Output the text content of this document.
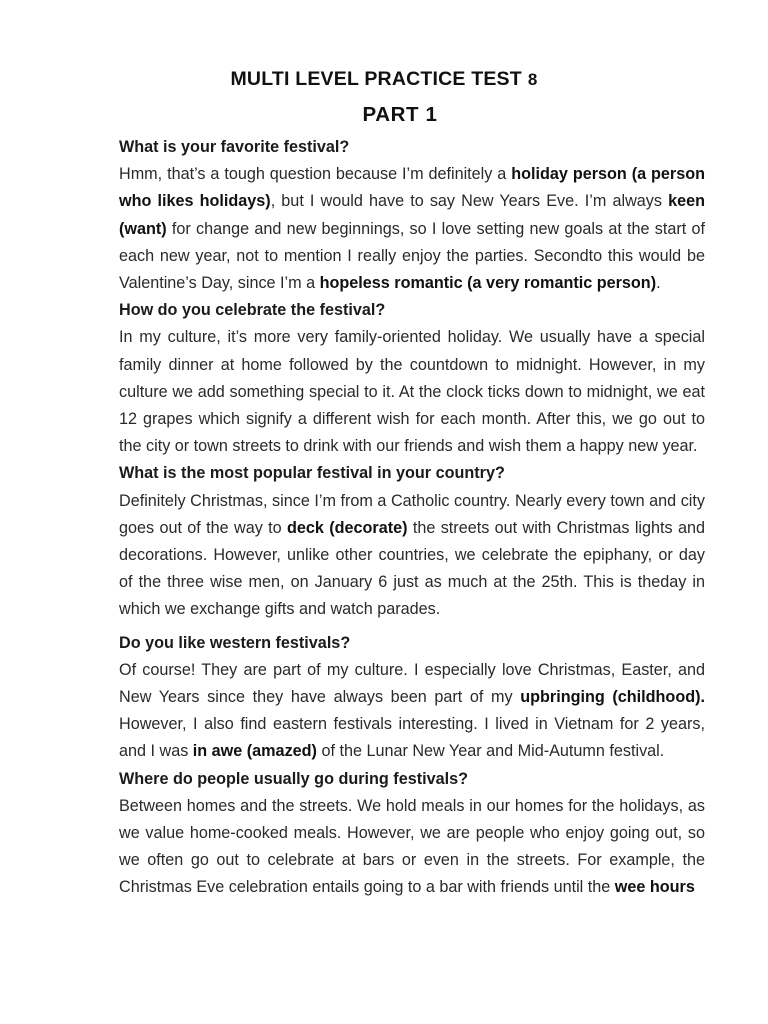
MULTI LEVEL PRACTICE TEST 8
PART 1

What is your favorite festival?

Hmm, that’s a tough question because I’m definitely a holiday person (a person who likes holidays), but I would have to say New Years Eve. I’m always keen (want) for change and new beginnings, so I love setting new goals at the start of each new year, not to mention I really enjoy the parties. Secondto this would be Valentine’s Day, since I’m a hopeless romantic (a very romantic person).

How do you celebrate the festival?

In my culture, it’s more very family-oriented holiday. We usually have a special family dinner at home followed by the countdown to midnight. However, in my culture we add something special to it. At the clock ticks down to midnight, we eat 12 grapes which signify a different wish for each month. After this, we go out to the city or town streets to drink with our friends and wish them a happy new year.

What is the most popular festival in your country?

Definitely Christmas, since I’m from a Catholic country. Nearly every town and city goes out of the way to deck (decorate) the streets out with Christmas lights and decorations. However, unlike other countries, we celebrate the epiphany, or day of the three wise men, on January 6 just as much at the 25th. This is theday in which we exchange gifts and watch parades.

Do you like western festivals?

Of course! They are part of my culture. I especially love Christmas, Easter, and New Years since they have always been part of my upbringing (childhood). However, I also find eastern festivals interesting. I lived in Vietnam for 2 years, and I was in awe (amazed) of the Lunar New Year and Mid-Autumn festival.

Where do people usually go during festivals?

Between homes and the streets. We hold meals in our homes for the holidays, as we value home-cooked meals. However, we are people who enjoy going out, so we often go out to celebrate at bars or even in the streets. For example, the Christmas Eve celebration entails going to a bar with friends until the wee hours
